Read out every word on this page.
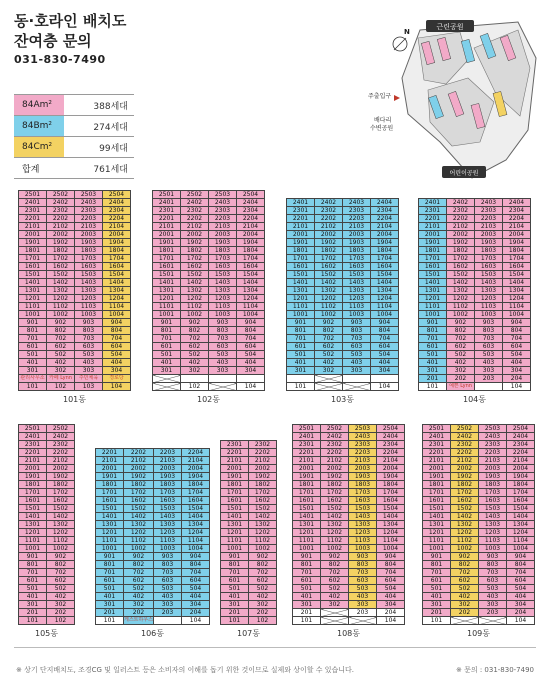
동·호라인 배치도
잔여층 문의
031-830-7490
84Am²	388세대
84Bm²	274세대
84Cm²	99세대
합계	761세대
근린공원
어린이공원
주출입구
배다리
수변공원
N
2501	2502	2503	2504
2401	2402	2403	2404
2301	2302	2303	2304
2201	2202	2203	2204
2101	2102	2103	2104
2001	2002	2003	2004
1901	1902	1903	1904
1801	1802	1803	1804
1701	1702	1703	1704
1601	1602	1603	1604
1501	1502	1503	1504
1401	1402	1403	1404
1301	1302	1303	1304
1201	1202	1203	1204
1101	1102	1103	1104
1001	1002	1003	1004
901	902	903	904
801	802	803	804
701	702	703	704
601	602	603	604
501	502	503	504
401	402	403	404
301	302	303	304
관리사무소	카페 Lynn	주민체육	경로당
101	102	103	104
101동
2501	2502	2503	2504
2401	2402	2403	2404
2301	2302	2303	2304
2201	2202	2203	2204
2101	2102	2103	2104
2001	2002	2003	2004
1901	1902	1903	1904
1801	1802	1803	1804
1701	1702	1703	1704
1601	1602	1603	1604
1501	1502	1503	1504
1401	1402	1403	1404
1301	1302	1303	1304
1201	1202	1203	1204
1101	1102	1103	1104
1001	1002	1003	1004
901	902	903	904
801	802	803	804
701	702	703	704
601	602	603	604
501	502	503	504
401	402	403	404
301	302	303	304

	102		104
102동
2401	2402	2403	2404
2301	2302	2303	2304
2201	2202	2203	2204
2101	2102	2103	2104
2001	2002	2003	2004
1901	1902	1903	1904
1801	1802	1803	1804
1701	1702	1703	1704
1601	1602	1603	1604
1501	1502	1503	1504
1401	1402	1403	1404
1301	1302	1303	1304
1201	1202	1203	1204
1101	1102	1103	1104
1001	1002	1003	1004
901	902	903	904
801	802	803	804
701	702	703	704
601	602	603	604
501	502	503	504
401	402	403	404
301	302	303	304

101			104
103동
2401	2402	2403	2404
2301	2302	2303	2304
2201	2202	2203	2204
2101	2102	2103	2104
2001	2002	2003	2004
1901	1902	1903	1904
1801	1802	1803	1804
1701	1702	1703	1704
1601	1602	1603	1604
1501	1502	1503	1504
1401	1402	1403	1404
1301	1302	1303	1304
1201	1202	1203	1204
1101	1102	1103	1104
1001	1002	1003	1004
901	902	903	904
801	802	803	804
701	702	703	704
601	602	603	604
501	502	503	504
401	402	403	404
301	302	303	304
201	202	203	204
101	예쁜 Lynn		104
104동
2501	2502
2401	2402
2301	2302
2201	2202
2101	2102
2001	2002
1901	1902
1801	1802
1701	1702
1601	1602
1501	1502
1401	1402
1301	1302
1201	1202
1101	1102
1001	1002
901	902
801	802
701	702
601	602
501	502
401	402
301	302
201	202
101	102
105동
2201	2202	2203	2204
2101	2102	2103	2104
2001	2002	2003	2004
1901	1902	1903	1904
1801	1802	1803	1804
1701	1702	1703	1704
1601	1602	1603	1604
1501	1502	1503	1504
1401	1402	1403	1404
1301	1302	1303	1304
1201	1202	1203	1204
1101	1102	1103	1104
1001	1002	1003	1004
901	902	903	904
801	802	803	804
701	702	703	704
601	602	603	604
501	502	503	504
401	402	403	404
301	302	303	304
201	202	203	204
101	게스트하우스		104
106동
2301	2302
2201	2202
2101	2102
2001	2002
1901	1902
1801	1802
1701	1702
1601	1602
1501	1502
1401	1402
1301	1302
1201	1202
1101	1102
1001	1002
901	902
801	802
701	702
601	602
501	502
401	402
301	302
201	202
101	102
107동
2501	2502	2503	2504
2401	2402	2403	2404
2301	2302	2303	2304
2201	2202	2203	2204
2101	2102	2103	2104
2001	2002	2003	2004
1901	1902	1903	1904
1801	1802	1803	1804
1701	1702	1703	1704
1601	1602	1603	1604
1501	1502	1503	1504
1401	1402	1403	1404
1301	1302	1303	1304
1201	1202	1203	1204
1101	1102	1103	1104
1001	1002	1003	1004
901	902	903	904
801	802	803	804
701	702	703	704
601	602	603	604
501	502	503	504
401	402	403	404
301	302	303	304
201		203	204
101			104
108동
2501	2502	2503	2504
2401	2402	2403	2404
2301	2302	2303	2304
2201	2202	2203	2204
2101	2102	2103	2104
2001	2002	2003	2004
1901	1902	1903	1904
1801	1802	1803	1804
1701	1702	1703	1704
1601	1602	1603	1604
1501	1502	1503	1504
1401	1402	1403	1404
1301	1302	1303	1304
1201	1202	1203	1204
1101	1102	1103	1104
1001	1002	1003	1004
901	902	903	904
801	802	803	804
701	702	703	704
601	602	603	604
501	502	503	504
401	402	403	404
301	302	303	304
201	202	203	204
101			104
109동
※ 상기 단지배치도, 조경CG 및 일러스트 등은 소비자의 이해를 돕기 위한 것이므로 실제와 상이할 수 있습니다.	※ 문의 : 031-830-7490
